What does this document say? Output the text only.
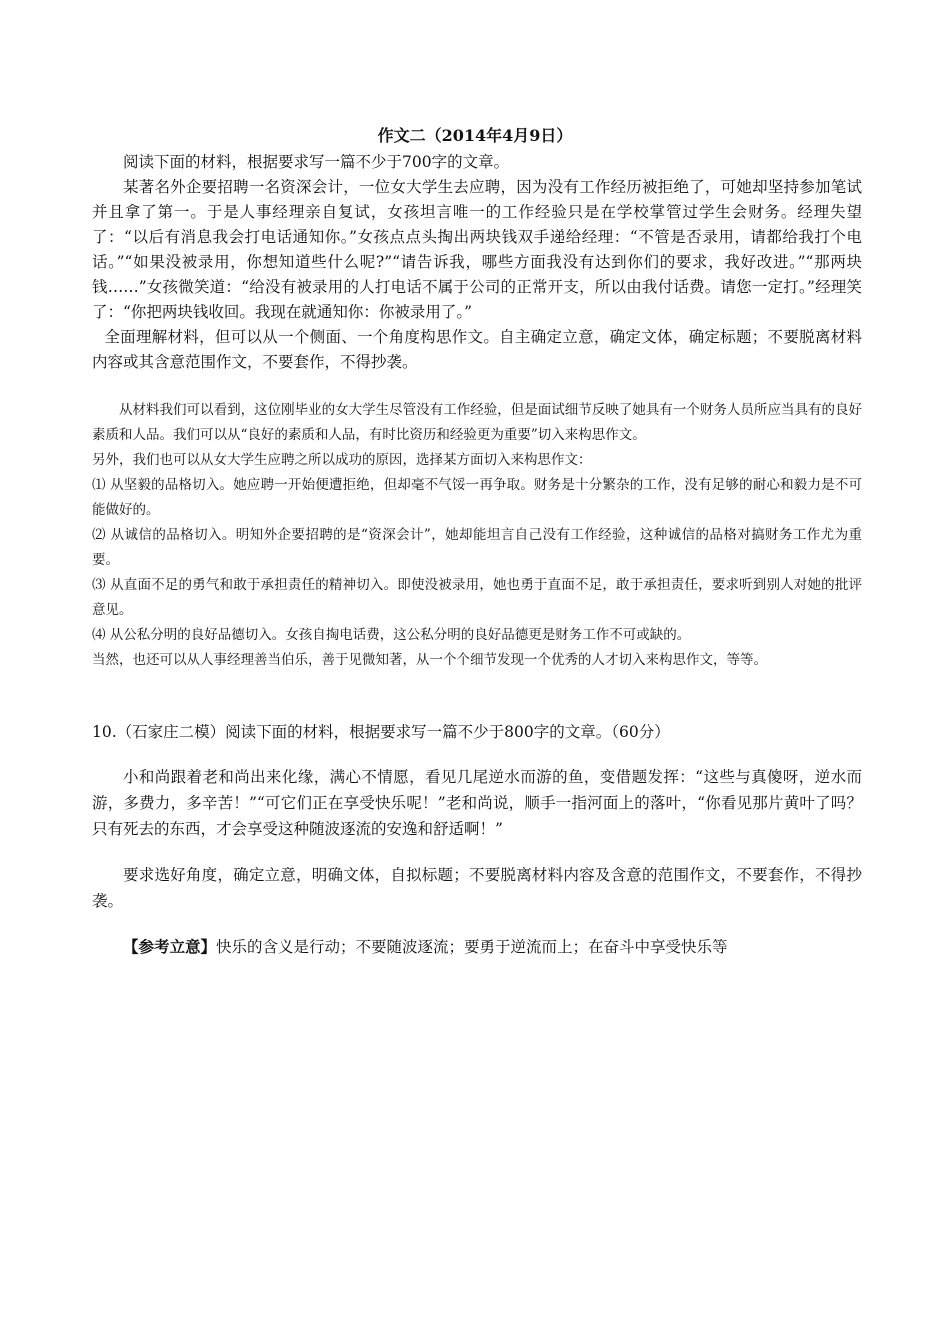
作文二（2014年4月9日）

阅读下面的材料，根据要求写一篇不少于700字的文章。

某著名外企要招聘一名资深会计，一位女大学生去应聘，因为没有工作经历被拒绝了，可她却坚持参加笔试并且拿了第一。于是人事经理亲自复试，女孩坦言唯一的工作经验只是在学校掌管过学生会财务。经理失望了：“以后有消息我会打电话通知你。”女孩点点头掏出两块钱双手递给经理：“不管是否录用，请都给我打个电话。”“如果没被录用，你想知道些什么呢?”“请告诉我，哪些方面我没有达到你们的要求，我好改进。”“那两块钱……”女孩微笑道：“给没有被录用的人打电话不属于公司的正常开支，所以由我付话费。请您一定打。”经理笑了：“你把两块钱收回。我现在就通知你：你被录用了。”

全面理解材料，但可以从一个侧面、一个角度构思作文。自主确定立意，确定文体，确定标题；不要脱离材料内容或其含意范围作文，不要套作，不得抄袭。

从材料我们可以看到，这位刚毕业的女大学生尽管没有工作经验，但是面试细节反映了她具有一个财务人员所应当具有的良好素质和人品。我们可以从“良好的素质和人品，有时比资历和经验更为重要”切入来构思作文。

另外，我们也可以从女大学生应聘之所以成功的原因，选择某方面切入来构思作文：

⑴ 从坚毅的品格切入。她应聘一开始便遭拒绝，但却毫不气馁一再争取。财务是十分繁杂的工作，没有足够的耐心和毅力是不可能做好的。

⑵ 从诚信的品格切入。明知外企要招聘的是“资深会计”，她却能坦言自己没有工作经验，这种诚信的品格对搞财务工作尤为重要。

⑶ 从直面不足的勇气和敢于承担责任的精神切入。即使没被录用，她也勇于直面不足，敢于承担责任，要求听到别人对她的批评意见。

⑷ 从公私分明的良好品德切入。女孩自掏电话费，这公私分明的良好品德更是财务工作不可或缺的。

当然，也还可以从人事经理善当伯乐，善于见微知著，从一个个细节发现一个优秀的人才切入来构思作文，等等。

10.（石家庄二模）阅读下面的材料，根据要求写一篇不少于800字的文章。（60分）

小和尚跟着老和尚出来化缘，满心不情愿，看见几尾逆水而游的鱼，变借题发挥：“这些与真傻呀，逆水而游，多费力，多辛苦！”“可它们正在享受快乐呢！”老和尚说，顺手一指河面上的落叶，“你看见那片黄叶了吗？只有死去的东西，才会享受这种随波逐流的安逸和舒适啊！”

要求选好角度，确定立意，明确文体，自拟标题；不要脱离材料内容及含意的范围作文，不要套作，不得抄袭。

【参考立意】快乐的含义是行动；不要随波逐流；要勇于逆流而上；在奋斗中享受快乐等
